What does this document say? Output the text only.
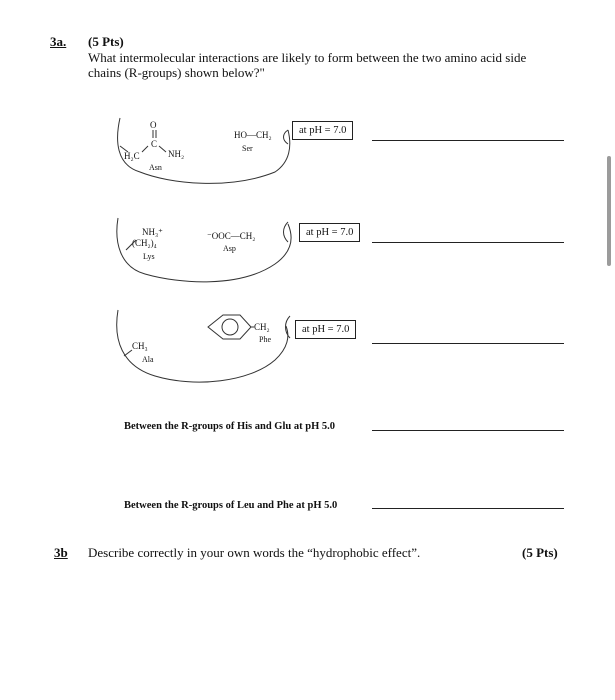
3a. (5 Pts)
What intermolecular interactions are likely to form between the two amino acid side
chains (R-groups) shown below?"
O
C
H₂C	NH₂
Asn
HO—CH₂
Ser
at pH = 7.0
NH₃⁺
(CH₂)₄
Lys
⁻OOC—CH₂
Asp
at pH = 7.0
CH₂
Phe
CH₃
Ala
at pH = 7.0
Between the R-groups of His and Glu at pH 5.0
Between the R-groups of Leu and Phe at pH 5.0
3b Describe correctly in your own words the “hydrophobic effect”.	(5 Pts)
